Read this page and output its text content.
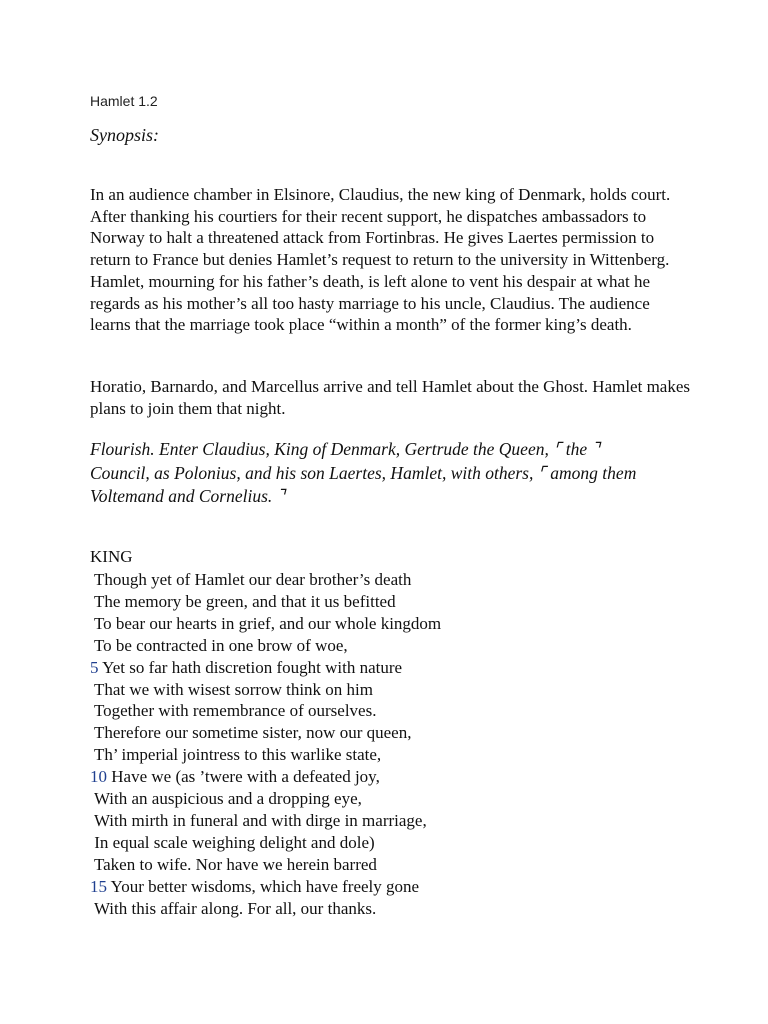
Hamlet 1.2
Synopsis:

In an audience chamber in Elsinore, Claudius, the new king of Denmark, holds court. After thanking his courtiers for their recent support, he dispatches ambassadors to Norway to halt a threatened attack from Fortinbras. He gives Laertes permission to return to France but denies Hamlet’s request to return to the university in Wittenberg. Hamlet, mourning for his father’s death, is left alone to vent his despair at what he regards as his mother’s all too hasty marriage to his uncle, Claudius. The audience learns that the marriage took place “within a month” of the former king’s death.

Horatio, Barnardo, and Marcellus arrive and tell Hamlet about the Ghost. Hamlet makes plans to join them that night.

Flourish. Enter Claudius, King of Denmark, Gertrude the Queen, ⌜ the ⌝ Council, as Polonius, and his son Laertes, Hamlet, with others, ⌜ among them Voltemand and Cornelius. ⌝

KING
Though yet of Hamlet our dear brother’s death
The memory be green, and that it us befitted
To bear our hearts in grief, and our whole kingdom
To be contracted in one brow of woe,
5 Yet so far hath discretion fought with nature
That we with wisest sorrow think on him
Together with remembrance of ourselves.
Therefore our sometime sister, now our queen,
Th’ imperial jointress to this warlike state,
10 Have we (as ’twere with a defeated joy,
With an auspicious and a dropping eye,
With mirth in funeral and with dirge in marriage,
In equal scale weighing delight and dole)
Taken to wife. Nor have we herein barred
15 Your better wisdoms, which have freely gone
With this affair along. For all, our thanks.
